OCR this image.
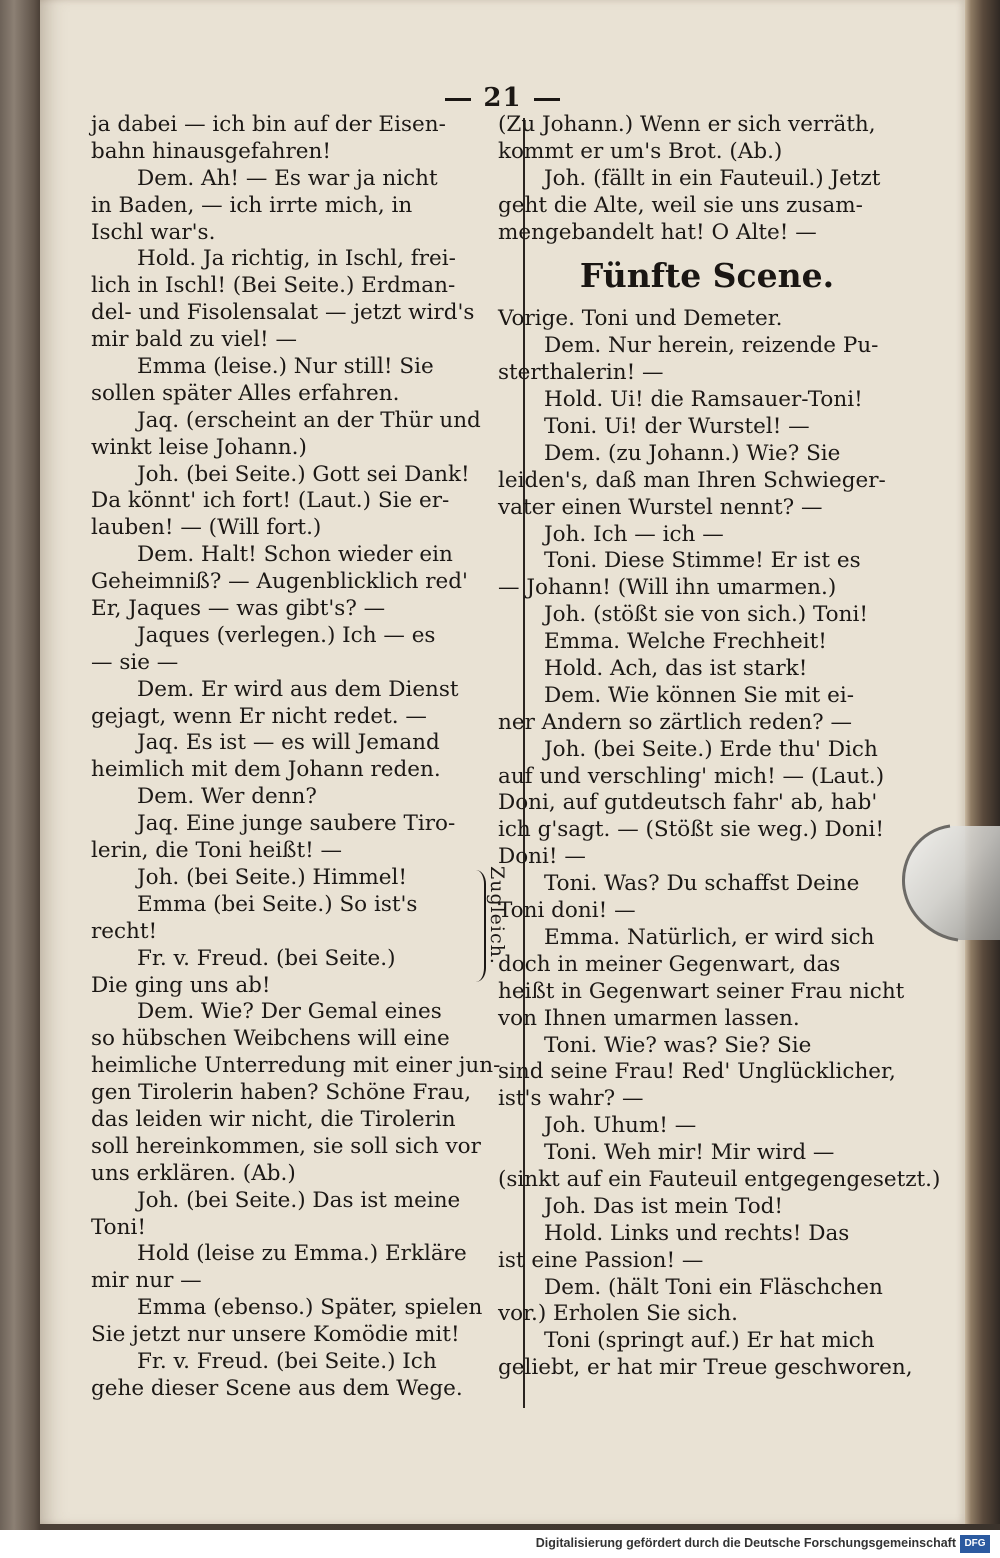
21
ja dabei — ich bin auf der Eisen-
bahn hinausgefahren!
Dem. Ah! — Es war ja nicht
in Baden, — ich irrte mich, in
Ischl war's.
Hold. Ja richtig, in Ischl, frei-
lich in Ischl! (Bei Seite.) Erdman-
del- und Fisolensalat — jetzt wird's
mir bald zu viel! —
Emma (leise.) Nur still! Sie
sollen später Alles erfahren.
Jaq. (erscheint an der Thür und
winkt leise Johann.)
Joh. (bei Seite.) Gott sei Dank!
Da könnt' ich fort! (Laut.) Sie er-
lauben! — (Will fort.)
Dem. Halt! Schon wieder ein
Geheimniß? — Augenblicklich red'
Er, Jaques — was gibt's? —
Jaques (verlegen.) Ich — es
— sie —
Dem. Er wird aus dem Dienst
gejagt, wenn Er nicht redet. —
Jaq. Es ist — es will Jemand
heimlich mit dem Johann reden.
Dem. Wer denn?
Jaq. Eine junge saubere Tiro-
lerin, die Toni heißt! —
Joh. (bei Seite.) Himmel!
Emma (bei Seite.) So ist's
recht!
Fr. v. Freud. (bei Seite.)
Die ging uns ab!
Dem. Wie? Der Gemal eines
so hübschen Weibchens will eine
heimliche Unterredung mit einer jun-
gen Tirolerin haben? Schöne Frau,
das leiden wir nicht, die Tirolerin
soll hereinkommen, sie soll sich vor
uns erklären. (Ab.)
Joh. (bei Seite.) Das ist meine
Toni!
Hold (leise zu Emma.) Erkläre
mir nur —
Emma (ebenso.) Später, spielen
Sie jetzt nur unsere Komödie mit!
Fr. v. Freud. (bei Seite.) Ich
gehe dieser Scene aus dem Wege.
Zugleich.
(Zu Johann.) Wenn er sich verräth,
kommt er um's Brot. (Ab.)
Joh. (fällt in ein Fauteuil.) Jetzt
geht die Alte, weil sie uns zusam-
mengebandelt hat! O Alte! —
Fünfte Scene.
Vorige. Toni und Demeter.
Dem. Nur herein, reizende Pu-
sterthalerin! —
Hold. Ui! die Ramsauer-Toni!
Toni. Ui! der Wurstel! —
Dem. (zu Johann.) Wie? Sie
leiden's, daß man Ihren Schwieger-
vater einen Wurstel nennt? —
Joh. Ich — ich —
Toni. Diese Stimme! Er ist es
— Johann! (Will ihn umarmen.)
Joh. (stößt sie von sich.) Toni!
Emma. Welche Frechheit!
Hold. Ach, das ist stark!
Dem. Wie können Sie mit ei-
ner Andern so zärtlich reden? —
Joh. (bei Seite.) Erde thu' Dich
auf und verschling' mich! — (Laut.)
Doni, auf gutdeutsch fahr' ab, hab'
ich g'sagt. — (Stößt sie weg.) Doni!
Doni! —
Toni. Was? Du schaffst Deine
Toni doni! —
Emma. Natürlich, er wird sich
doch in meiner Gegenwart, das
heißt in Gegenwart seiner Frau nicht
von Ihnen umarmen lassen.
Toni. Wie? was? Sie? Sie
sind seine Frau! Red' Unglücklicher,
ist's wahr? —
Joh. Uhum! —
Toni. Weh mir! Mir wird —
(sinkt auf ein Fauteuil entgegengesetzt.)
Joh. Das ist mein Tod!
Hold. Links und rechts! Das
ist eine Passion! —
Dem. (hält Toni ein Fläschchen
vor.) Erholen Sie sich.
Toni (springt auf.) Er hat mich
geliebt, er hat mir Treue geschworen,
Digitalisierung gefördert durch die Deutsche Forschungsgemeinschaft DFG
